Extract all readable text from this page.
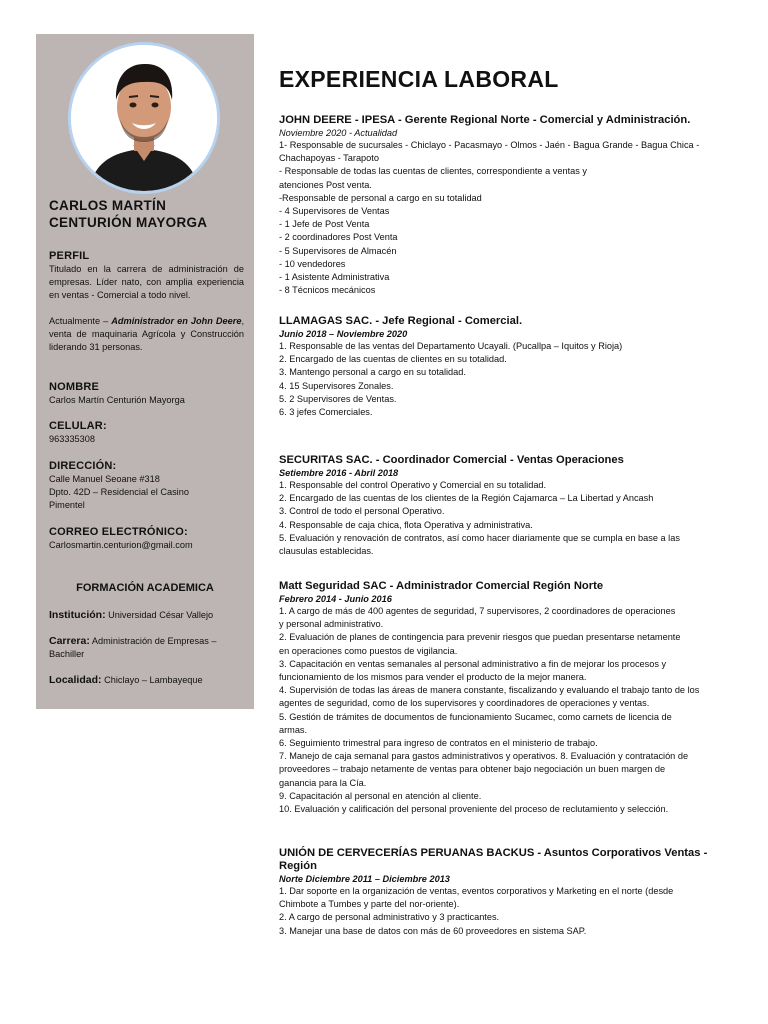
CARLOS MARTÍN
CENTURIÓN MAYORGA
PERFIL

Titulado en la carrera de administración de empresas. Líder nato, con amplia experiencia en ventas - Comercial a todo nivel.

Actualmente – Administrador en John Deere, venta de maquinaria Agrícola y Construcción liderando 31 personas.

NOMBRE
Carlos Martín Centurión Mayorga
CELULAR:
963335308
DIRECCIÓN:
Calle Manuel Seoane #318
Dpto. 42D – Residencial el Casino
Pimentel
CORREO ELECTRÓNICO:
Carlosmartin.centurion@gmail.com
FORMACIÓN ACADEMICA
Institución: Universidad César Vallejo
Carrera: Administración de Empresas – Bachiller
Localidad: Chiclayo – Lambayeque
EXPERIENCIA LABORAL

JOHN DEERE - IPESA - Gerente Regional Norte - Comercial y Administración.

Noviembre 2020 - Actualidad
1- Responsable de sucursales - Chiclayo - Pacasmayo - Olmos - Jaén - Bagua Grande - Bagua Chica -
Chachapoyas - Tarapoto
- Responsable de todas las cuentas de clientes, correspondiente a ventas y
atenciones Post venta.
-Responsable de personal a cargo en su totalidad
- 4 Supervisores de Ventas
- 1 Jefe de Post Venta
- 2 coordinadores Post Venta
- 5 Supervisores de Almacén
- 10 vendedores
- 1 Asistente Administrativa
- 8 Técnicos mecánicos

LLAMAGAS SAC. - Jefe Regional - Comercial.

Junio 2018 – Noviembre 2020
1. Responsable de las ventas del Departamento Ucayali. (Pucallpa – Iquitos y Rioja)
2. Encargado de las cuentas de clientes en su totalidad.
3. Mantengo personal a cargo en su totalidad.
4. 15 Supervisores Zonales.
5. 2 Supervisores de Ventas.
6. 3 jefes Comerciales.

SECURITAS SAC. - Coordinador Comercial - Ventas Operaciones

Setiembre 2016 - Abril 2018
1. Responsable del control Operativo y Comercial en su totalidad.
2. Encargado de las cuentas de los clientes de la Región Cajamarca – La Libertad y Ancash
3. Control de todo el personal Operativo.
4. Responsable de caja chica, flota Operativa y administrativa.
5. Evaluación y renovación de contratos, así como hacer diariamente que se cumpla en base a las
clausulas establecidas.

Matt Seguridad SAC - Administrador Comercial Región Norte

Febrero 2014 - Junio 2016
1. A cargo de más de 400 agentes de seguridad, 7 supervisores, 2 coordinadores de operaciones
y personal administrativo.
2. Evaluación de planes de contingencia para prevenir riesgos que puedan presentarse netamente
en operaciones como puestos de vigilancia.
3. Capacitación en ventas semanales al personal administrativo a fin de mejorar los procesos y
funcionamiento de los mismos para vender el producto de la mejor manera.
4. Supervisión de todas las áreas de manera constante, fiscalizando y evaluando el trabajo tanto de los
agentes de seguridad, como de los supervisores y coordinadores de operaciones y ventas.
5. Gestión de trámites de documentos de funcionamiento Sucamec, como carnets de licencia de
armas.
6. Seguimiento trimestral para ingreso de contratos en el ministerio de trabajo.
7. Manejo de caja semanal para gastos administrativos y operativos. 8. Evaluación y contratación de
proveedores – trabajo netamente de ventas para obtener bajo negociación un buen margen de
ganancia para la Cía.
9. Capacitación al personal en atención al cliente.
10. Evaluación y calificación del personal proveniente del proceso de reclutamiento y selección.

UNIÓN DE CERVECERÍAS PERUANAS BACKUS - Asuntos Corporativos Ventas - Región

Norte Diciembre 2011 – Diciembre 2013
1. Dar soporte en la organización de ventas, eventos corporativos y Marketing en el norte (desde
Chimbote a Tumbes y parte del nor-oriente).
2. A cargo de personal administrativo y 3 practicantes.
3. Manejar una base de datos con más de 60 proveedores en sistema SAP.
